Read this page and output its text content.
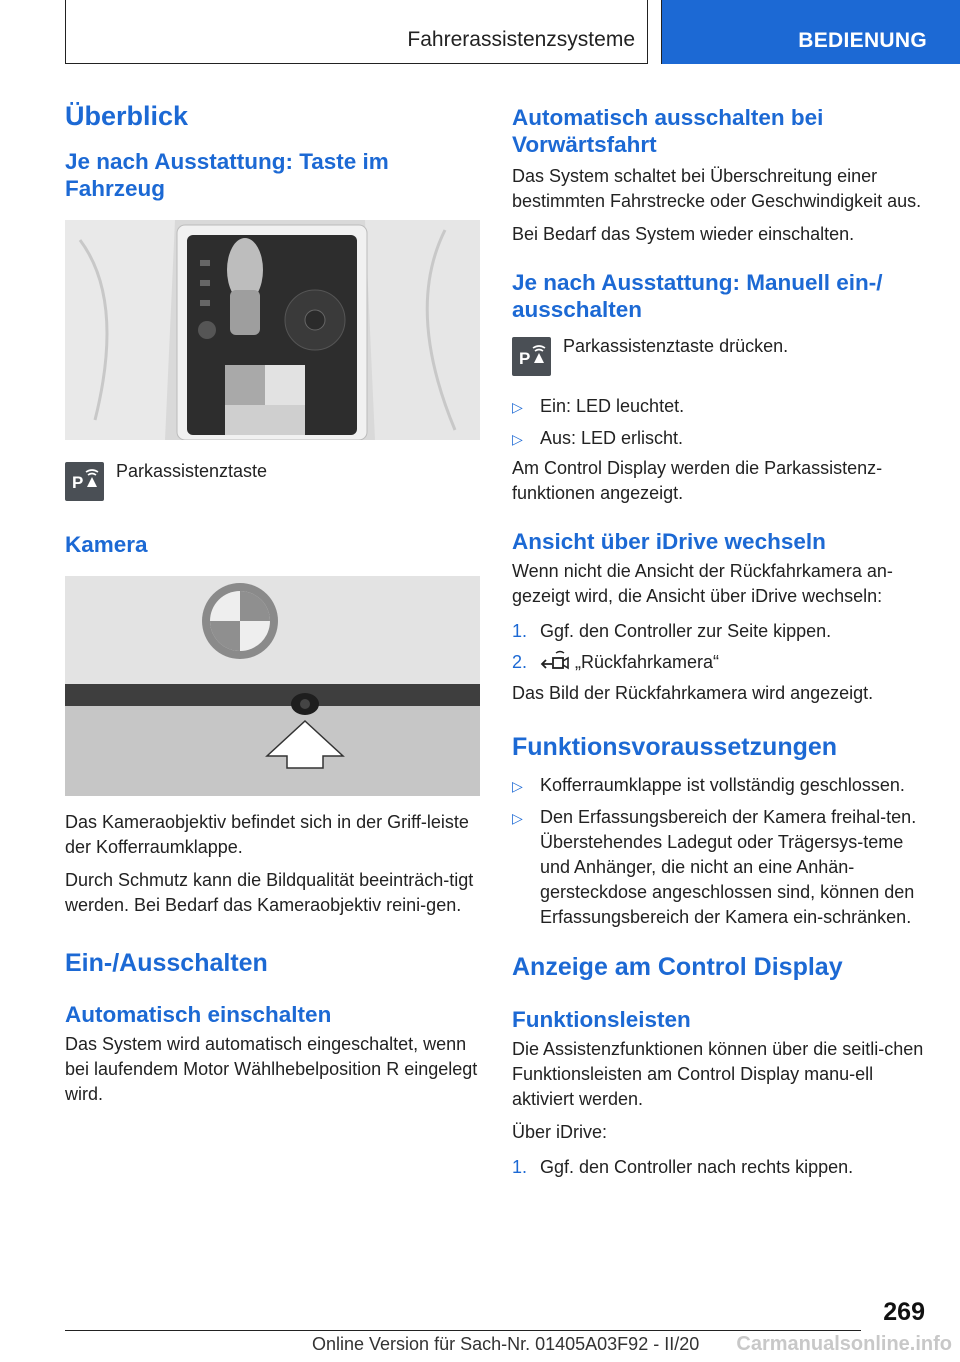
Fahrerassistenzsysteme	BEDIENUNG
Überblick
Je nach Ausstattung: Taste im Fahrzeug
P
Parkassistenztaste
Kamera

Das Kameraobjektiv befindet sich in der Griff-leiste der Kofferraumklappe.

Durch Schmutz kann die Bildqualität beeinträch-tigt werden. Bei Bedarf das Kameraobjektiv reini-gen.

Ein-/Ausschalten
Automatisch einschalten

Das System wird automatisch eingeschaltet, wenn bei laufendem Motor Wählhebelposition R eingelegt wird.

Automatisch ausschalten bei Vorwärtsfahrt

Das System schaltet bei Überschreitung einer bestimmten Fahrstrecke oder Geschwindigkeit aus.

Bei Bedarf das System wieder einschalten.

Je nach Ausstattung: Manuell ein-/ ausschalten
P
Parkassistenztaste drücken.
▷ Ein: LED leuchtet.
▷ Aus: LED erlischt.

Am Control Display werden die Parkassistenz-funktionen angezeigt.

Ansicht über iDrive wechseln

Wenn nicht die Ansicht der Rückfahrkamera an-gezeigt wird, die Ansicht über iDrive wechseln:

1. Ggf. den Controller zur Seite kippen.
2.	„Rückfahrkamera“

Das Bild der Rückfahrkamera wird angezeigt.

Funktionsvoraussetzungen
▷ Kofferraumklappe ist vollständig geschlossen.
▷ Den Erfassungsbereich der Kamera freihal-ten. Überstehendes Ladegut oder Trägersys-teme und Anhänger, die nicht an eine Anhän-gersteckdose angeschlossen sind, können den Erfassungsbereich der Kamera ein-schränken.
Anzeige am Control Display
Funktionsleisten

Die Assistenzfunktionen können über die seitli-chen Funktionsleisten am Control Display manu-ell aktiviert werden.

Über iDrive:

1. Ggf. den Controller nach rechts kippen.
269
Online Version für Sach-Nr. 01405A03F92 - II/20 Carmanualsonline.info
